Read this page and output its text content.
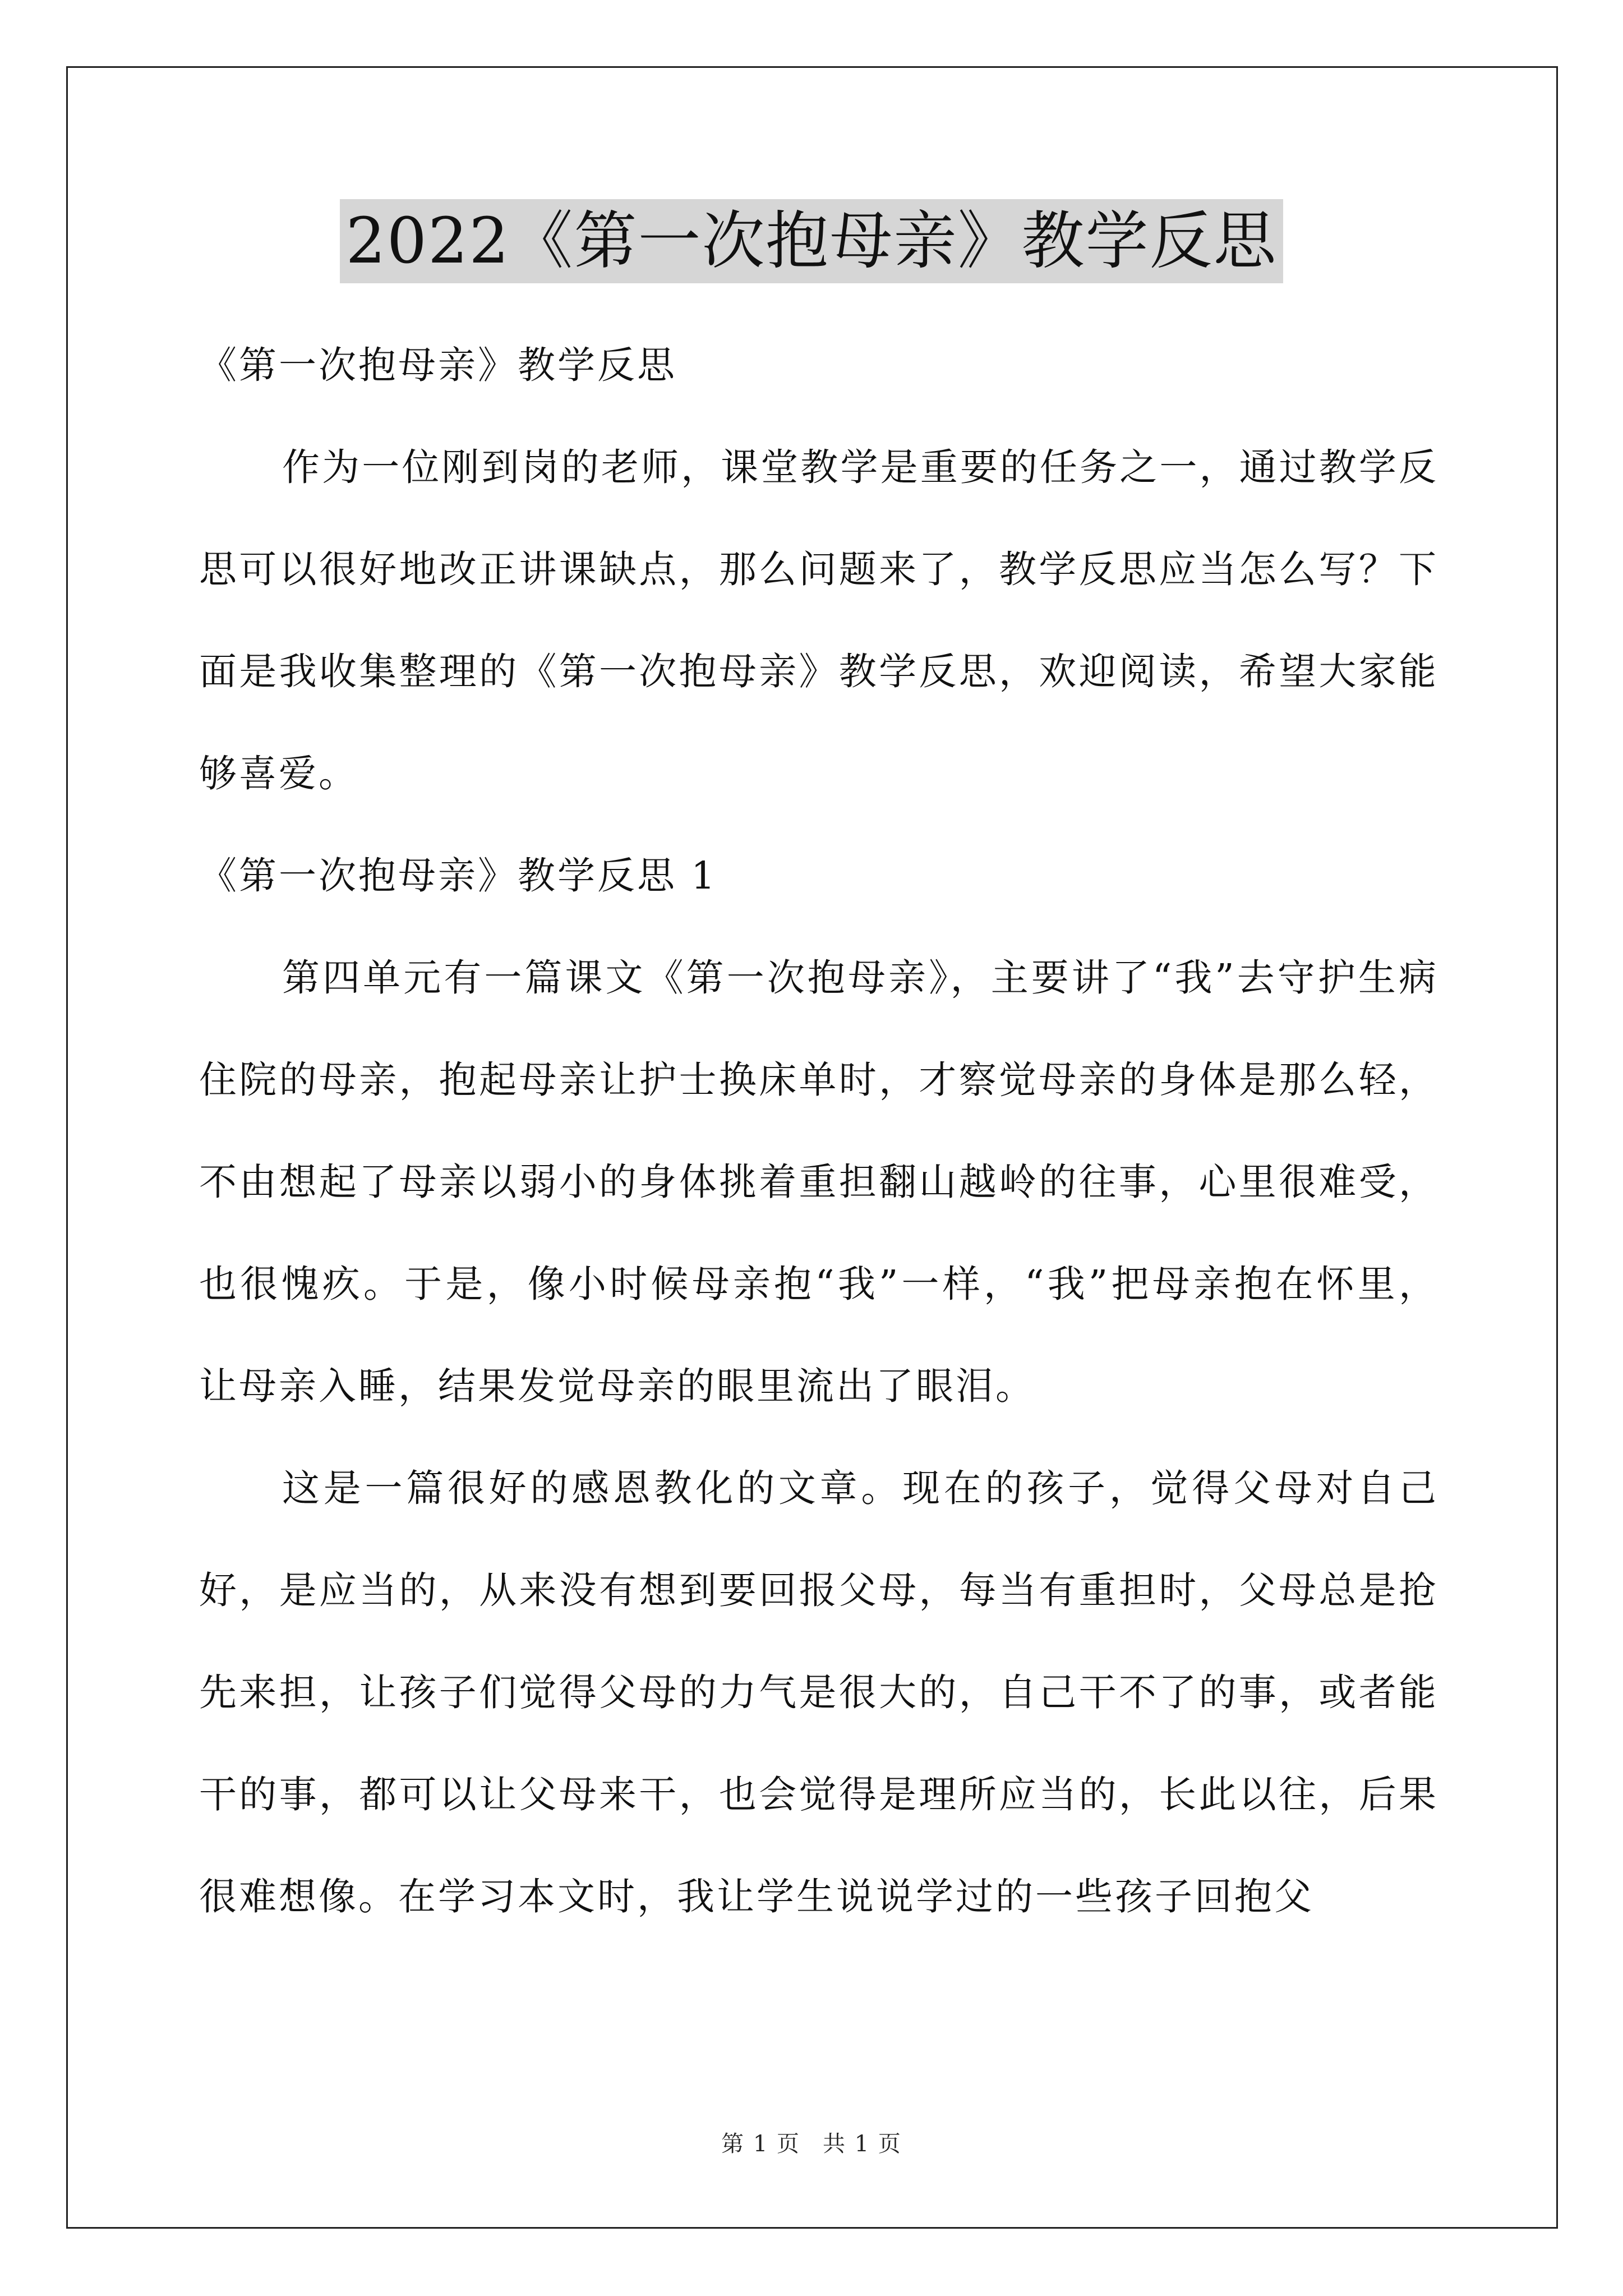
2022《第一次抱母亲》教学反思

《第一次抱母亲》教学反思

作为一位刚到岗的老师，课堂教学是重要的任务之一，通过教学反思可以很好地改正讲课缺点，那么问题来了，教学反思应当怎么写？下面是我收集整理的《第一次抱母亲》教学反思，欢迎阅读，希望大家能够喜爱。

《第一次抱母亲》教学反思 1

第四单元有一篇课文《第一次抱母亲》，主要讲了“我”去守护生病住院的母亲，抱起母亲让护士换床单时，才察觉母亲的身体是那么轻，不由想起了母亲以弱小的身体挑着重担翻山越岭的往事，心里很难受，也很愧疚。于是，像小时候母亲抱“我”一样，“我”把母亲抱在怀里，让母亲入睡，结果发觉母亲的眼里流出了眼泪。

这是一篇很好的感恩教化的文章。现在的孩子，觉得父母对自己好，是应当的，从来没有想到要回报父母，每当有重担时，父母总是抢先来担，让孩子们觉得父母的力气是很大的，自己干不了的事，或者能干的事，都可以让父母来干，也会觉得是理所应当的，长此以往，后果很难想像。在学习本文时，我让学生说说学过的一些孩子回抱父

第 1 页 共 1 页
